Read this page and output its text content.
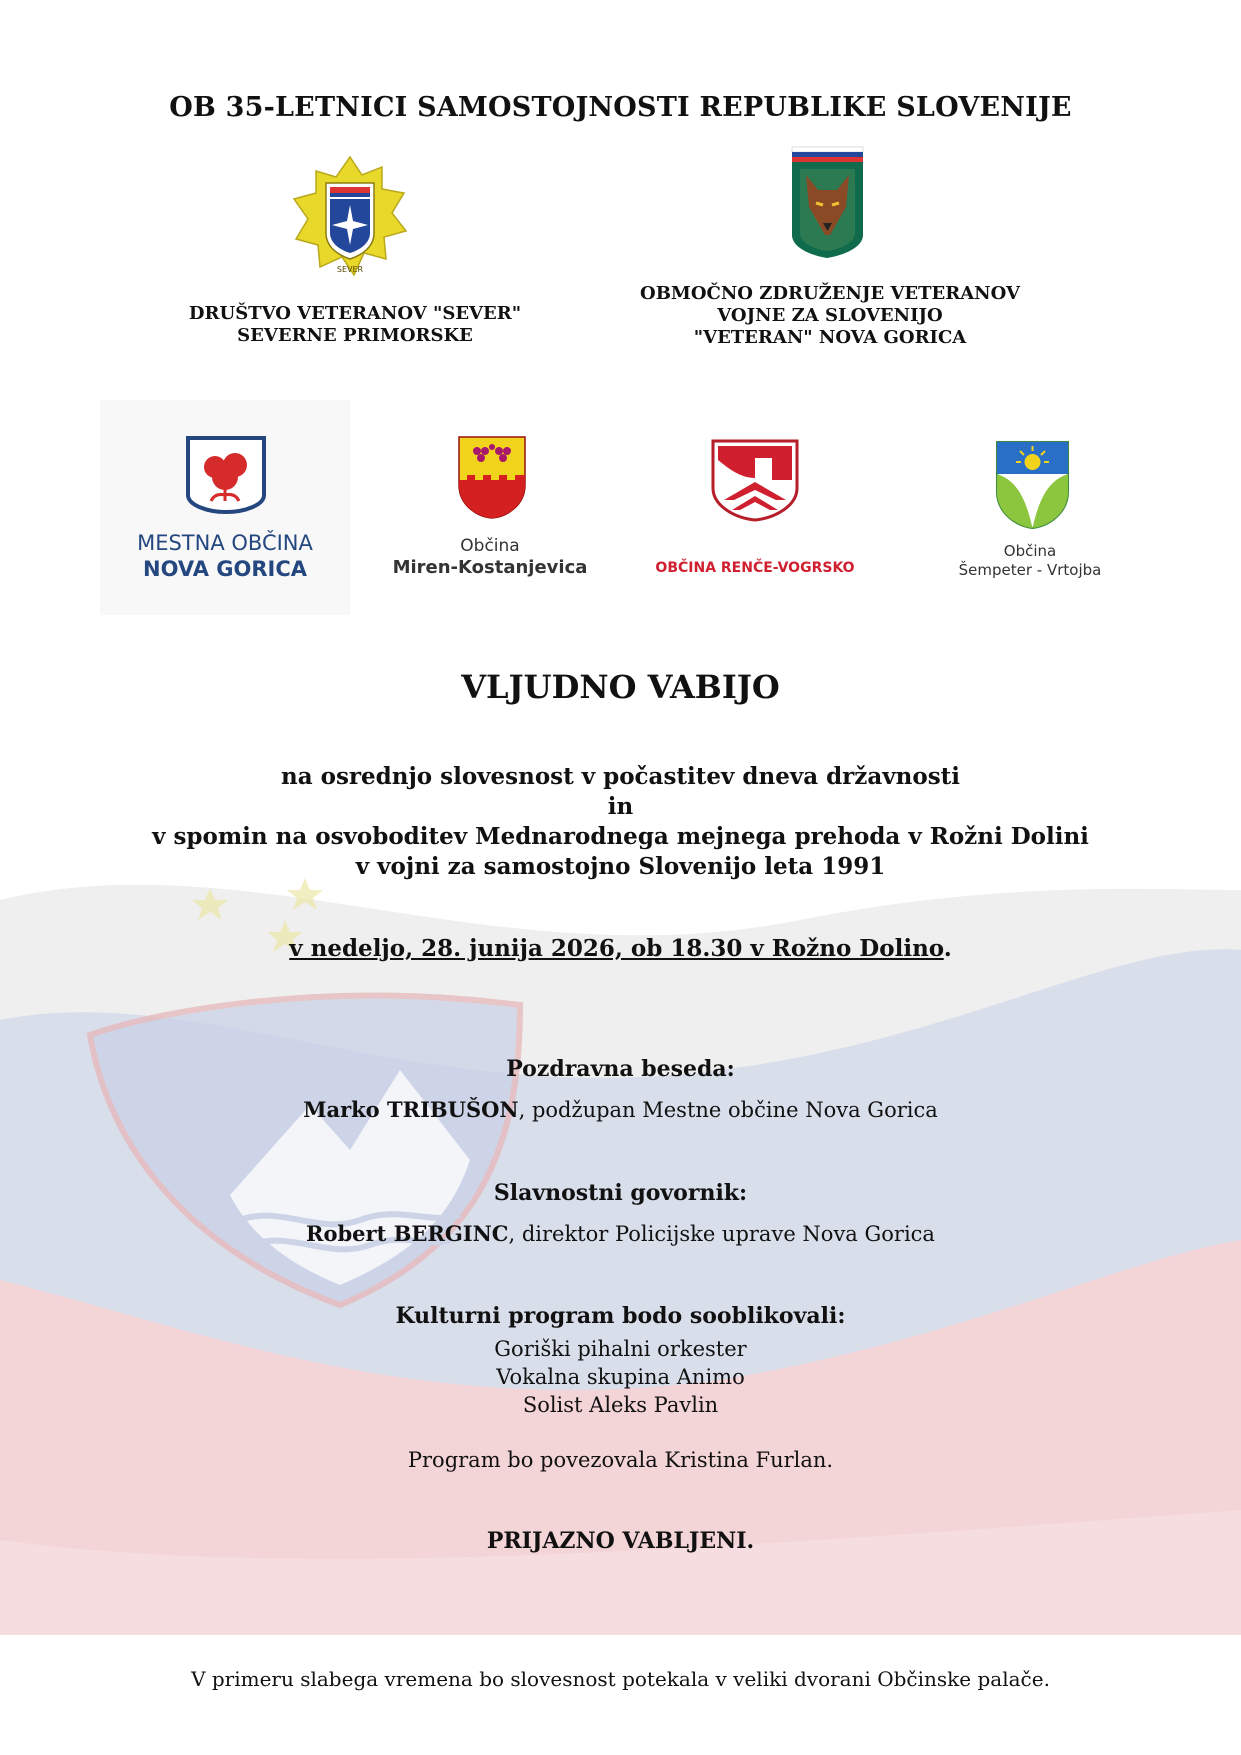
OB 35-LETNICI SAMOSTOJNOSTI REPUBLIKE SLOVENIJE
SEVER
DRUŠTVO VETERANOV "SEVER"
SEVERNE PRIMORSKE
OBMOČNO ZDRUŽENJE VETERANOV
VOJNE ZA SLOVENIJO
"VETERAN" NOVA GORICA
MESTNA OBČINA
NOVA GORICA
Občina
Miren-Kostanjevica	OBČINA RENČE-VOGRSKO
Občina
Šempeter - Vrtojba
VLJUDNO VABIJO
na osrednjo slovesnost v počastitev dneva državnosti
in
v spomin na osvoboditev Mednarodnega mejnega prehoda v Rožni Dolini
v vojni za samostojno Slovenijo leta 1991
v nedeljo, 28. junija 2026, ob 18.30 v Rožno Dolino.
Pozdravna beseda:
Marko TRIBUŠON, podžupan Mestne občine Nova Gorica
Slavnostni govornik:
Robert BERGINC, direktor Policijske uprave Nova Gorica
Kulturni program bodo sooblikovali:
Goriški pihalni orkester
Vokalna skupina Animo
Solist Aleks Pavlin
Program bo povezovala Kristina Furlan.
PRIJAZNO VABLJENI.
V primeru slabega vremena bo slovesnost potekala v veliki dvorani Občinske palače.
